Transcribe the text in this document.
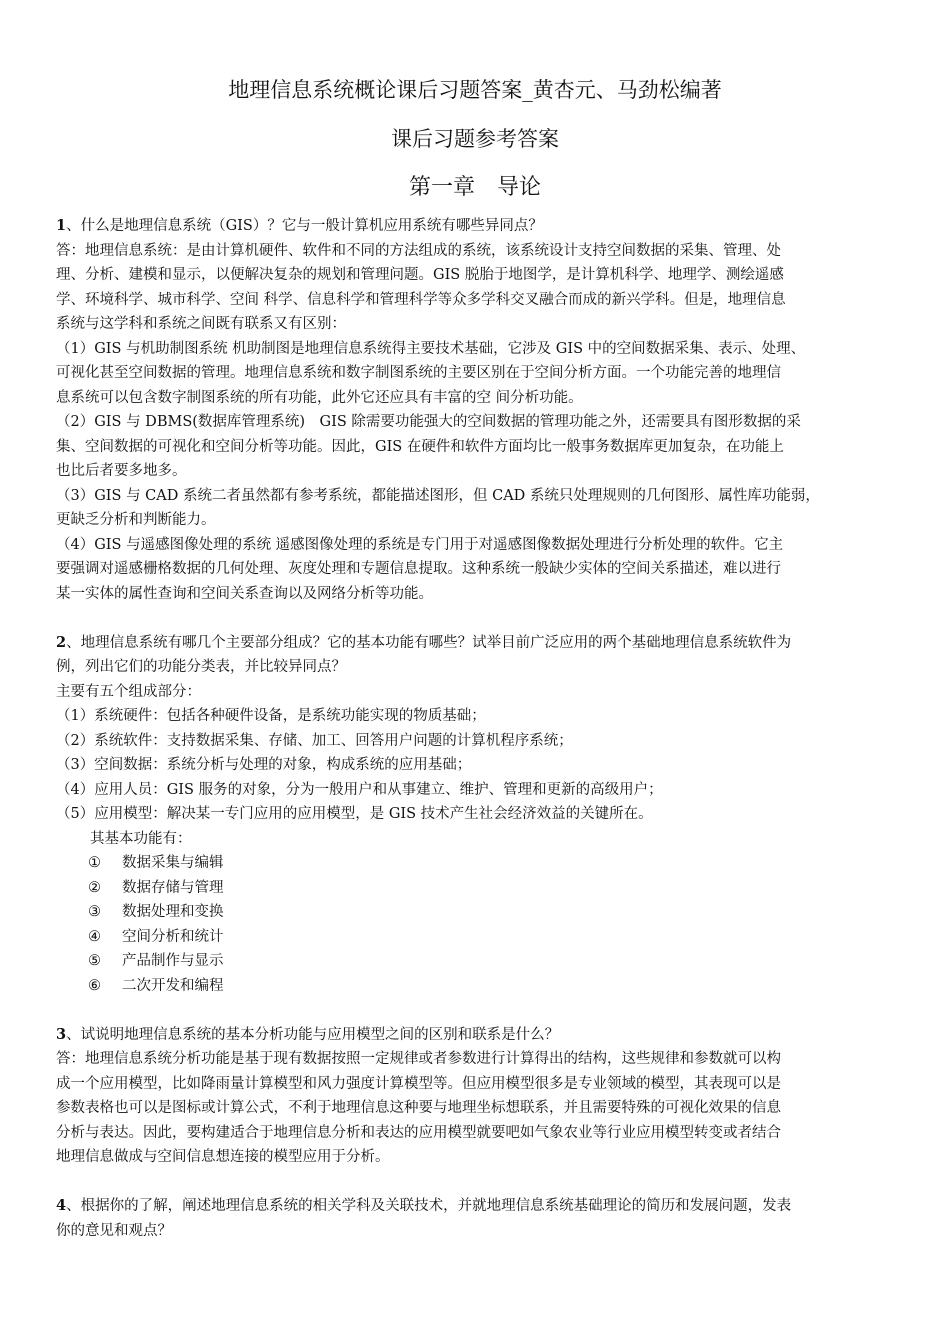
地理信息系统概论课后习题答案_黄杏元、马劲松编著
课后习题参考答案
第一章　导论
1、什么是地理信息系统（GIS）？它与一般计算机应用系统有哪些异同点？
答：地理信息系统：是由计算机硬件、软件和不同的方法组成的系统，该系统设计支持空间数据的采集、管理、处
理、分析、建模和显示，以便解决复杂的规划和管理问题。GIS 脱胎于地图学，是计算机科学、地理学、测绘遥感
学、环境科学、城市科学、空间 科学、信息科学和管理科学等众多学科交叉融合而成的新兴学科。但是，地理信息
系统与这学科和系统之间既有联系又有区别：
（1）GIS 与机助制图系统 机助制图是地理信息系统得主要技术基础，它涉及 GIS 中的空间数据采集、表示、处理、
可视化甚至空间数据的管理。地理信息系统和数字制图系统的主要区别在于空间分析方面。一个功能完善的地理信
息系统可以包含数字制图系统的所有功能，此外它还应具有丰富的空 间分析功能。
（2）GIS 与 DBMS(数据库管理系统)　GIS 除需要功能强大的空间数据的管理功能之外，还需要具有图形数据的采
集、空间数据的可视化和空间分析等功能。因此，GIS 在硬件和软件方面均比一般事务数据库更加复杂，在功能上
也比后者要多地多。
（3）GIS 与 CAD 系统二者虽然都有参考系统，都能描述图形，但 CAD 系统只处理规则的几何图形、属性库功能弱，
更缺乏分析和判断能力。
（4）GIS 与遥感图像处理的系统 遥感图像处理的系统是专门用于对遥感图像数据处理进行分析处理的软件。它主
要强调对遥感栅格数据的几何处理、灰度处理和专题信息提取。这种系统一般缺少实体的空间关系描述，难以进行
某一实体的属性查询和空间关系查询以及网络分析等功能。
2、地理信息系统有哪几个主要部分组成？它的基本功能有哪些？试举目前广泛应用的两个基础地理信息系统软件为
例，列出它们的功能分类表，并比较异同点？
主要有五个组成部分：
（1）系统硬件：包括各种硬件设备，是系统功能实现的物质基础；
（2）系统软件：支持数据采集、存储、加工、回答用户问题的计算机程序系统；
（3）空间数据：系统分析与处理的对象，构成系统的应用基础；
（4）应用人员：GIS 服务的对象，分为一般用户和从事建立、维护、管理和更新的高级用户；
（5）应用模型：解决某一专门应用的应用模型，是 GIS 技术产生社会经济效益的关键所在。
其基本功能有：
①	数据采集与编辑
②	数据存储与管理
③	数据处理和变换
④	空间分析和统计
⑤	产品制作与显示
⑥	二次开发和编程
3、试说明地理信息系统的基本分析功能与应用模型之间的区别和联系是什么？
答：地理信息系统分析功能是基于现有数据按照一定规律或者参数进行计算得出的结构，这些规律和参数就可以构
成一个应用模型，比如降雨量计算模型和风力强度计算模型等。但应用模型很多是专业领域的模型，其表现可以是
参数表格也可以是图标或计算公式，不利于地理信息这种要与地理坐标想联系，并且需要特殊的可视化效果的信息
分析与表达。因此，要构建适合于地理信息分析和表达的应用模型就要吧如气象农业等行业应用模型转变或者结合
地理信息做成与空间信息想连接的模型应用于分析。
4、根据你的了解，阐述地理信息系统的相关学科及关联技术，并就地理信息系统基础理论的简历和发展问题，发表
你的意见和观点？
